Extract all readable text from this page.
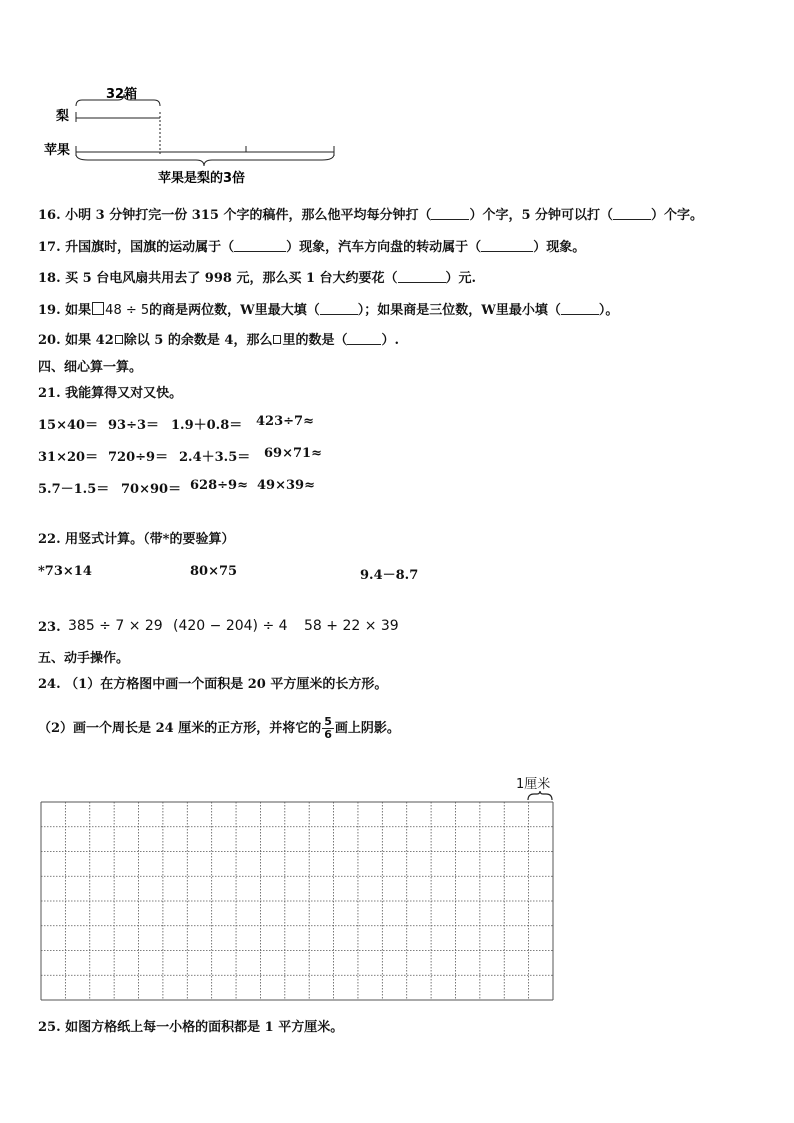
32箱
梨
苹果
苹果是梨的3倍
16. 小明 3 分钟打完一份 315 个字的稿件，那么他平均每分钟打（	）个字，5 分钟可以打（	）个字。
17. 升国旗时，国旗的运动属于（	）现象，汽车方向盘的转动属于（	）现象。
18. 买 5 台电风扇共用去了 998 元，那么买 1 台大约要花（	）元.
19. 如果 48 ÷ 5的商是两位数，W里最大填（	）；如果商是三位数，W里最小填（	）。
20. 如果 42 除以 5 的余数是 4，那么 里的数是（	）.
四、细心算一算。
21. 我能算得又对又快。
15×40＝ 93÷3＝ 1.9＋0.8＝ 423÷7≈
31×20＝ 720÷9＝ 2.4＋3.5＝ 69×71≈
5.7－1.5＝ 70×90＝ 628÷9≈ 49×39≈
22. 用竖式计算。（带*的要验算）
*73×14	80×75	9.4－8.7
23. 385 ÷ 7 × 29 (420 − 204) ÷ 4 58 + 22 × 39
五、动手操作。
24. （1）在方格图中画一个面积是 20 平方厘米的长方形。
（2）画一个周长是 24 厘米的正方形，并将它的 $\frac{5}{6}$ 画上阴影。
1厘米
25. 如图方格纸上每一小格的面积都是 1 平方厘米。
